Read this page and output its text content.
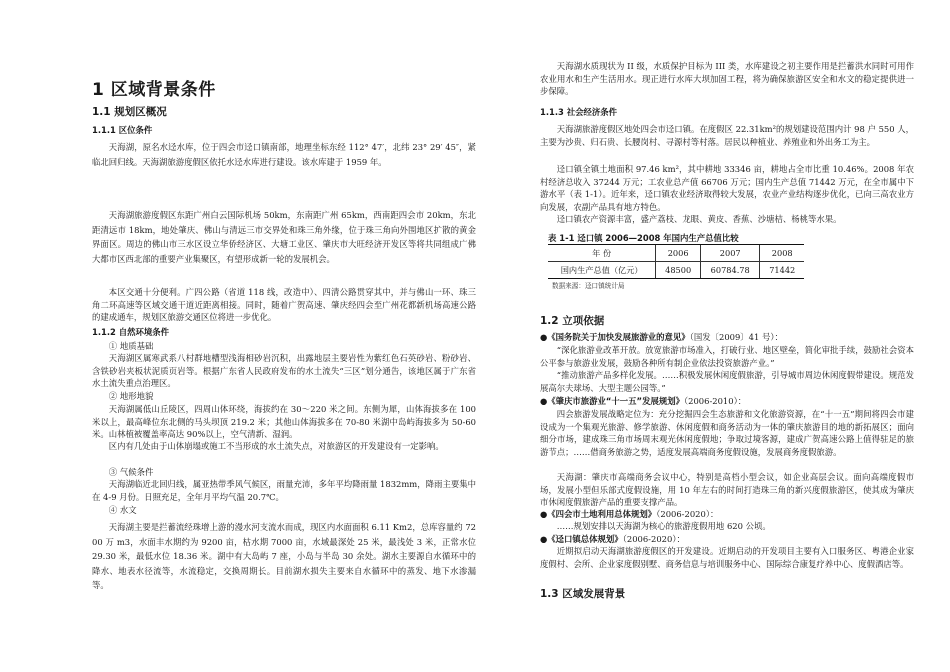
1 区域背景条件
1.1 规划区概况
1.1.1 区位条件

天海湖，原名水迳水库，位于四会市迳口镇南部，地理坐标东经 112° 47′，北纬 23° 29′ 45″，紧临北回归线。天海湖旅游度假区依托水迳水库进行建设。该水库建于 1959 年。

天海湖旅游度假区东距广州白云国际机场 50km，东南距广州 65km，西南距四会市 20km，东北距清远市 18km，地处肇庆、佛山与清远三市交界处和珠三角外缘，位于珠三角向外围地区扩散的黄金界面区。周边的佛山市三水区设立华侨经济区、大塘工业区、肇庆市大旺经济开发区等将共同组成广佛大都市区西北部的重要产业集聚区，有望形成新一轮的发展机会。

本区交通十分便利。广四公路（省道 118 线，改造中）、四清公路贯穿其中，并与佛山一环、珠三角二环高速等区域交通干道近距离相接。同时，随着广贺高速、肇庆经四会至广州花都新机场高速公路的建成通车，规划区旅游交通区位将进一步优化。

1.1.2 自然环境条件

① 地质基础

天海湖区属寒武系八村群地槽型浅海相砂岩沉积，出露地层主要岩性为紫红色石英砂岩、粉砂岩、含铁砂岩夹板状泥质页岩等。根据广东省人民政府发布的水土流失“三区”划分通告，该地区属于广东省水土流失重点治理区。

② 地形地貌

天海湖属低山丘陵区，四周山体环绕，海拔约在 30～220 米之间。东侧为犀，山体海拔多在 100 米以上，最高峰位东北侧的马头坝顶 219.2 米；其他山体海拔多在 70-80 米湖中岛屿海拔多为 50-60 米。山林植被覆盖率高达 90%以上，空气清新、湿润。

区内有几处由于山体崩塌或施工不当形成的水土流失点，对旅游区的开发建设有一定影响。

③ 气候条件

天海湖临近北回归线，属亚热带季风气候区，雨量充沛，多年平均降雨量 1832mm，降雨主要集中在 4-9 月份。日照充足，全年月平均气温 20.7℃。

④ 水文

天海湖主要是拦蓄流经珠增上游的漫水河支流水而成，现区内水面面积 6.11 Km2，总库容量约 7200 万 m3，水面丰水期约为 9200 亩，枯水期 7000 亩，水域最深处 25 米，最浅处 3 米，正常水位 29.30 米，最低水位 18.36 米。湖中有大岛屿 7 座，小岛与半岛 30 余处。湖水主要源自水循环中的降水、地表水径流等，水流稳定，交换周期长。目前湖水损失主要来自水循环中的蒸发、地下水渗漏等。

天海湖水质现状为 II 级，水质保护目标为 III 类，水库建设之初主要作用是拦蓄洪水同时可用作农业用水和生产生活用水。现正进行水库大坝加固工程，将为确保旅游区安全和水文的稳定提供进一步保障。

1.1.3 社会经济条件

天海湖旅游度假区地处四会市迳口镇。在度假区 22.31km²的规划建设范围内计 98 户 550 人，主要为沙贵、归石贵、长腰岗村、寻源村等村落。居民以种植业、养殖业和外出务工为主。

迳口镇全镇土地面积 97.46 km²，其中耕地 33346 亩，耕地占全市比重 10.46%。2008 年农村经济总收入 37244 万元；工农业总产值 66706 万元；国内生产总值 71442 万元，在全市属中下游水平（表 1-1）。近年来，迳口镇农业经济取得较大发展，农业产业结构逐步优化，已向三高农业方向发展，农副产品具有地方特色。

迳口镇农产资源丰富，盛产荔枝、龙眼、黄皮、香蕉、沙塘桔、杨桃等水果。

表 1-1 迳口镇 2006—2008 年国内生产总值比较

年 份	2006	2007	2008
国内生产总值（亿元）	48500	60784.78	71442

数据来源：迳口镇统计局

1.2 立项依据

●《国务院关于加快发展旅游业的意见》（国发〔2009〕41 号）：

“深化旅游业改革开放。放宽旅游市场准入，打破行业、地区壁垒，简化审批手续，鼓励社会资本公平参与旅游业发展，鼓励各种所有制企业依法投资旅游产业。”

“推动旅游产品多样化发展。……积极发展休闲度假旅游，引导城市周边休闲度假带建设。规范发展高尔夫球场、大型主题公园等。”

●《肇庆市旅游业“十一五”发展规划》（2006-2010）：

四会旅游发展战略定位为：充分挖掘四会生态旅游和文化旅游资源，在“十一五”期间将四会市建设成为一个集观光旅游、修学旅游、休闲度假和商务活动为一体的肇庆旅游目的地的新拓展区；面向细分市场，建成珠三角市场周末观光休闲度假地；争取过境客源，建成广贺高速公路上值得驻足的旅游节点；……借商务旅游之势，适度发展高端商务度假设施，发展商务度假旅游。

天海湖：肇庆市高端商务会议中心，特别是高档小型会议，如企业高层会议。面向高端度假市场，发展小型但乐部式度假设施，用 10 年左右的时间打造珠三角的新兴度假旅游区，使其成为肇庆市休闲度假旅游产品的重要支撑产品。

●《四会市土地利用总体规划》（2006-2020）：

……规划安排以天海湖为核心的旅游度假用地 620 公顷。

●《迳口镇总体规划》（2006-2020）：

近期拟启动天海湖旅游度假区的开发建设。近期启动的开发项目主要有入口服务区、粤港企业家度假村、会所、企业家度假别墅、商务信息与培训服务中心、国际综合康复疗养中心、度假酒店等。

1.3 区域发展背景
